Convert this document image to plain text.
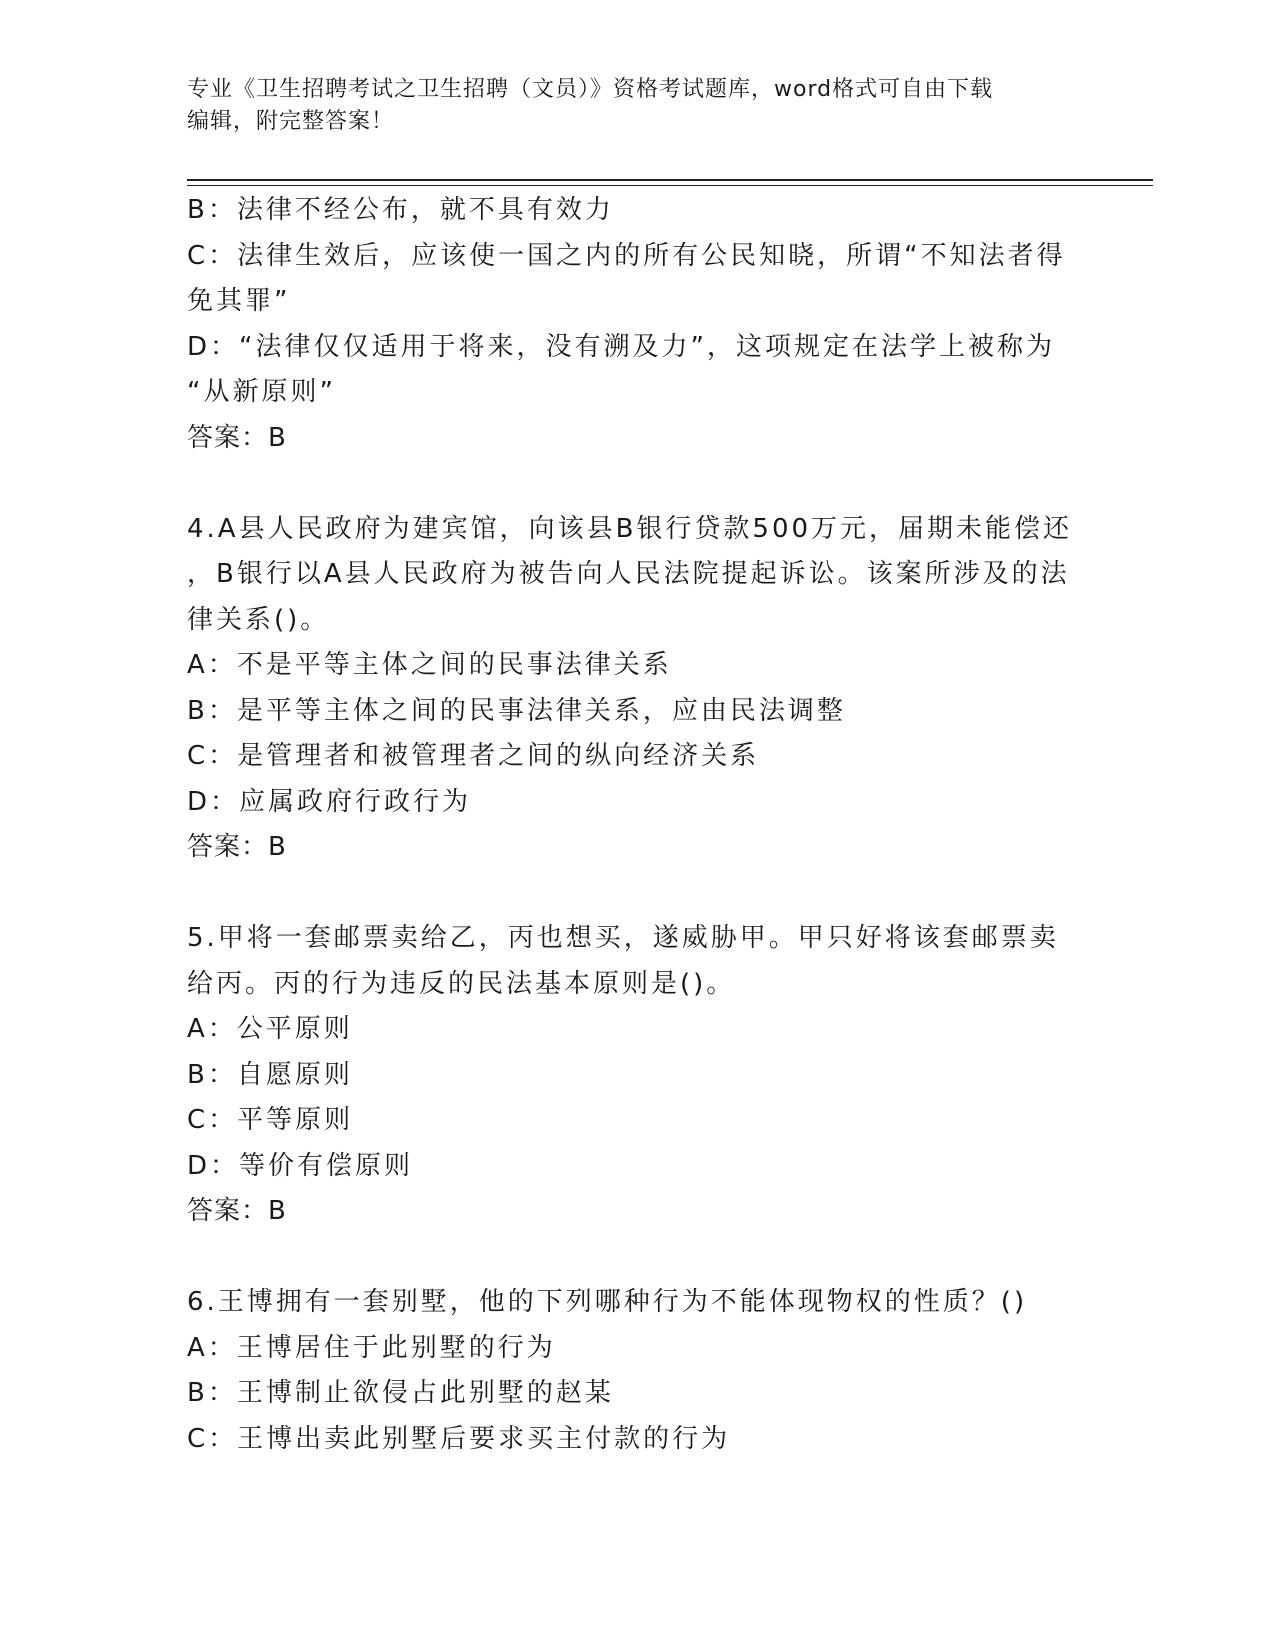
专业《卫生招聘考试之卫生招聘（文员）》资格考试题库，word格式可自由下载
编辑，附完整答案！
B：法律不经公布，就不具有效力
C：法律生效后，应该使一国之内的所有公民知晓，所谓“不知法者得
免其罪”
D：“法律仅仅适用于将来，没有溯及力”，这项规定在法学上被称为
“从新原则”
答案：B
4.A县人民政府为建宾馆，向该县B银行贷款500万元，届期未能偿还
，B银行以A县人民政府为被告向人民法院提起诉讼。该案所涉及的法
律关系()。
A：不是平等主体之间的民事法律关系
B：是平等主体之间的民事法律关系，应由民法调整
C：是管理者和被管理者之间的纵向经济关系
D：应属政府行政行为
答案：B
5.甲将一套邮票卖给乙，丙也想买，遂威胁甲。甲只好将该套邮票卖
给丙。丙的行为违反的民法基本原则是()。
A：公平原则
B：自愿原则
C：平等原则
D：等价有偿原则
答案：B
6.王博拥有一套别墅，他的下列哪种行为不能体现物权的性质？()
A：王博居住于此别墅的行为
B：王博制止欲侵占此别墅的赵某
C：王博出卖此别墅后要求买主付款的行为
